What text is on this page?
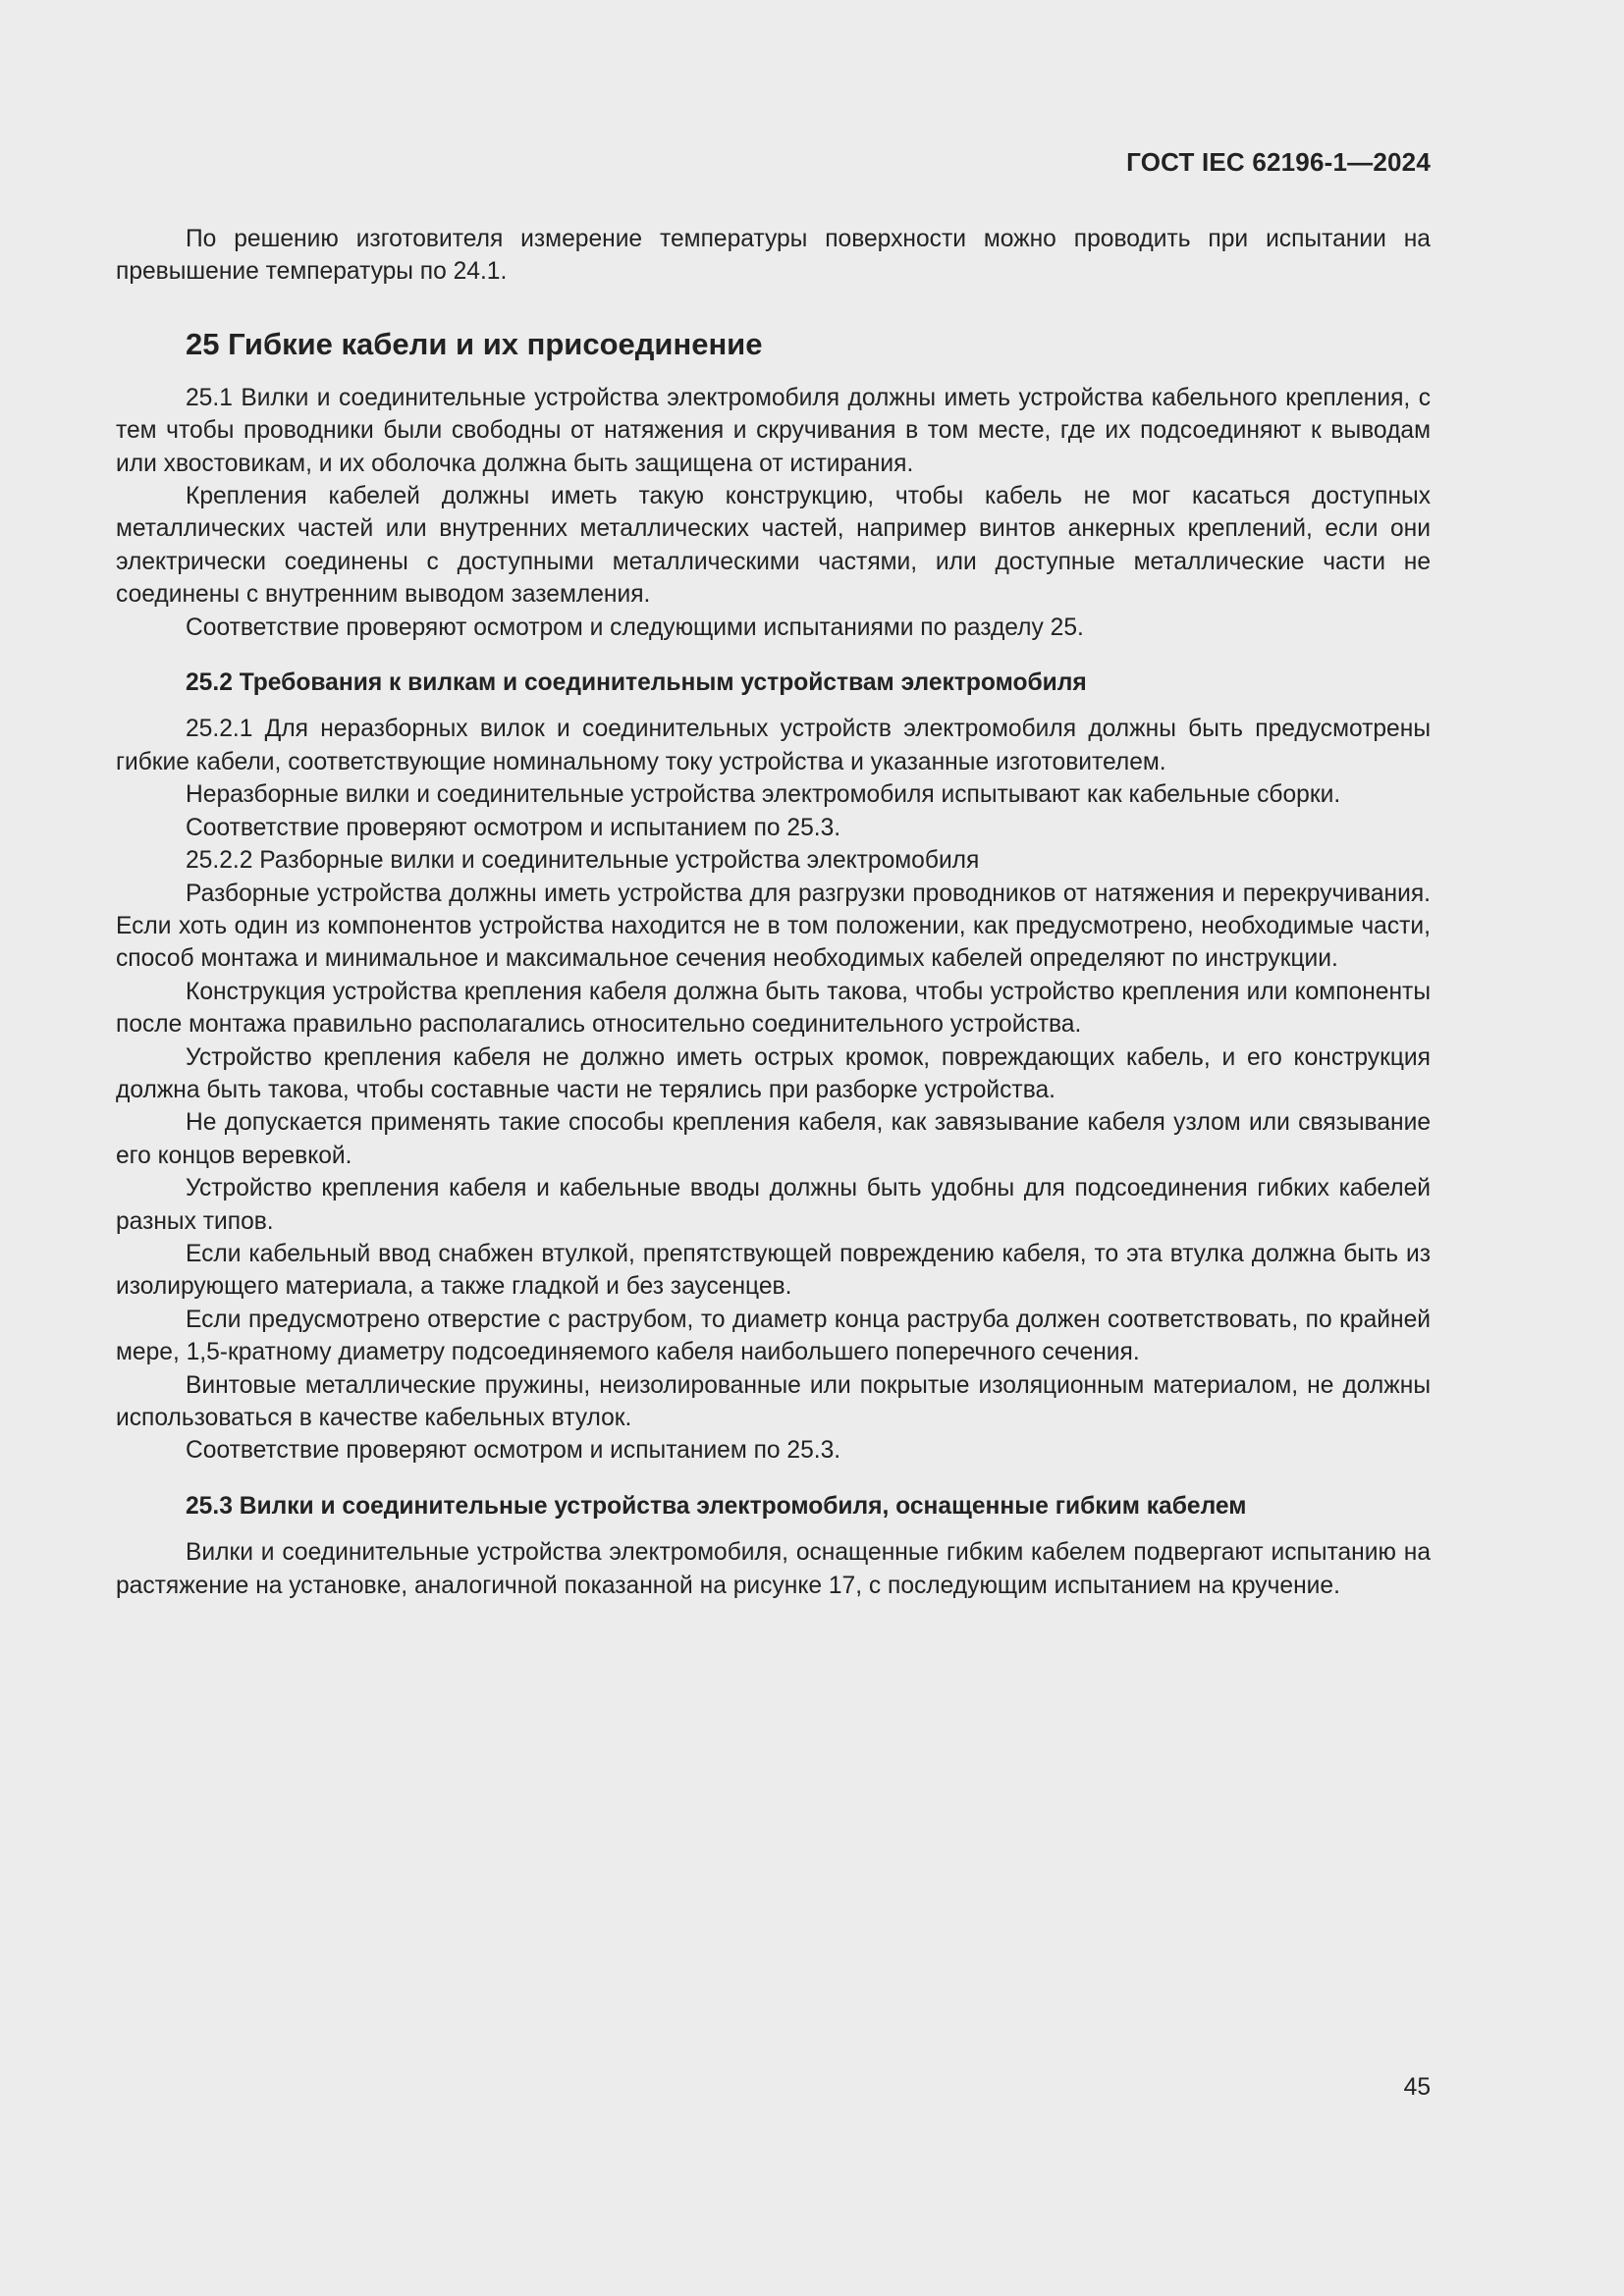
ГОСТ IEC 62196-1—2024

По решению изготовителя измерение температуры поверхности можно проводить при испытании на превышение температуры по 24.1.

25 Гибкие кабели и их присоединение

25.1 Вилки и соединительные устройства электромобиля должны иметь устройства кабельного крепления, с тем чтобы проводники были свободны от натяжения и скручивания в том месте, где их подсоединяют к выводам или хвостовикам, и их оболочка должна быть защищена от истирания.

Крепления кабелей должны иметь такую конструкцию, чтобы кабель не мог касаться доступных металлических частей или внутренних металлических частей, например винтов анкерных креплений, если они электрически соединены с доступными металлическими частями, или доступные металлические части не соединены с внутренним выводом заземления.

Соответствие проверяют осмотром и следующими испытаниями по разделу 25.

25.2 Требования к вилкам и соединительным устройствам электромобиля

25.2.1 Для неразборных вилок и соединительных устройств электромобиля должны быть предусмотрены гибкие кабели, соответствующие номинальному току устройства и указанные изготовителем.

Неразборные вилки и соединительные устройства электромобиля испытывают как кабельные сборки.

Соответствие проверяют осмотром и испытанием по 25.3.

25.2.2 Разборные вилки и соединительные устройства электромобиля

Разборные устройства должны иметь устройства для разгрузки проводников от натяжения и перекручивания. Если хоть один из компонентов устройства находится не в том положении, как предусмотрено, необходимые части, способ монтажа и минимальное и максимальное сечения необходимых кабелей определяют по инструкции.

Конструкция устройства крепления кабеля должна быть такова, чтобы устройство крепления или компоненты после монтажа правильно располагались относительно соединительного устройства.

Устройство крепления кабеля не должно иметь острых кромок, повреждающих кабель, и его конструкция должна быть такова, чтобы составные части не терялись при разборке устройства.

Не допускается применять такие способы крепления кабеля, как завязывание кабеля узлом или связывание его концов веревкой.

Устройство крепления кабеля и кабельные вводы должны быть удобны для подсоединения гибких кабелей разных типов.

Если кабельный ввод снабжен втулкой, препятствующей повреждению кабеля, то эта втулка должна быть из изолирующего материала, а также гладкой и без заусенцев.

Если предусмотрено отверстие с раструбом, то диаметр конца раструба должен соответствовать, по крайней мере, 1,5-кратному диаметру подсоединяемого кабеля наибольшего поперечного сечения.

Винтовые металлические пружины, неизолированные или покрытые изоляционным материалом, не должны использоваться в качестве кабельных втулок.

Соответствие проверяют осмотром и испытанием по 25.3.

25.3 Вилки и соединительные устройства электромобиля, оснащенные гибким кабелем

Вилки и соединительные устройства электромобиля, оснащенные гибким кабелем подвергают испытанию на растяжение на установке, аналогичной показанной на рисунке 17, с последующим испытанием на кручение.

45
